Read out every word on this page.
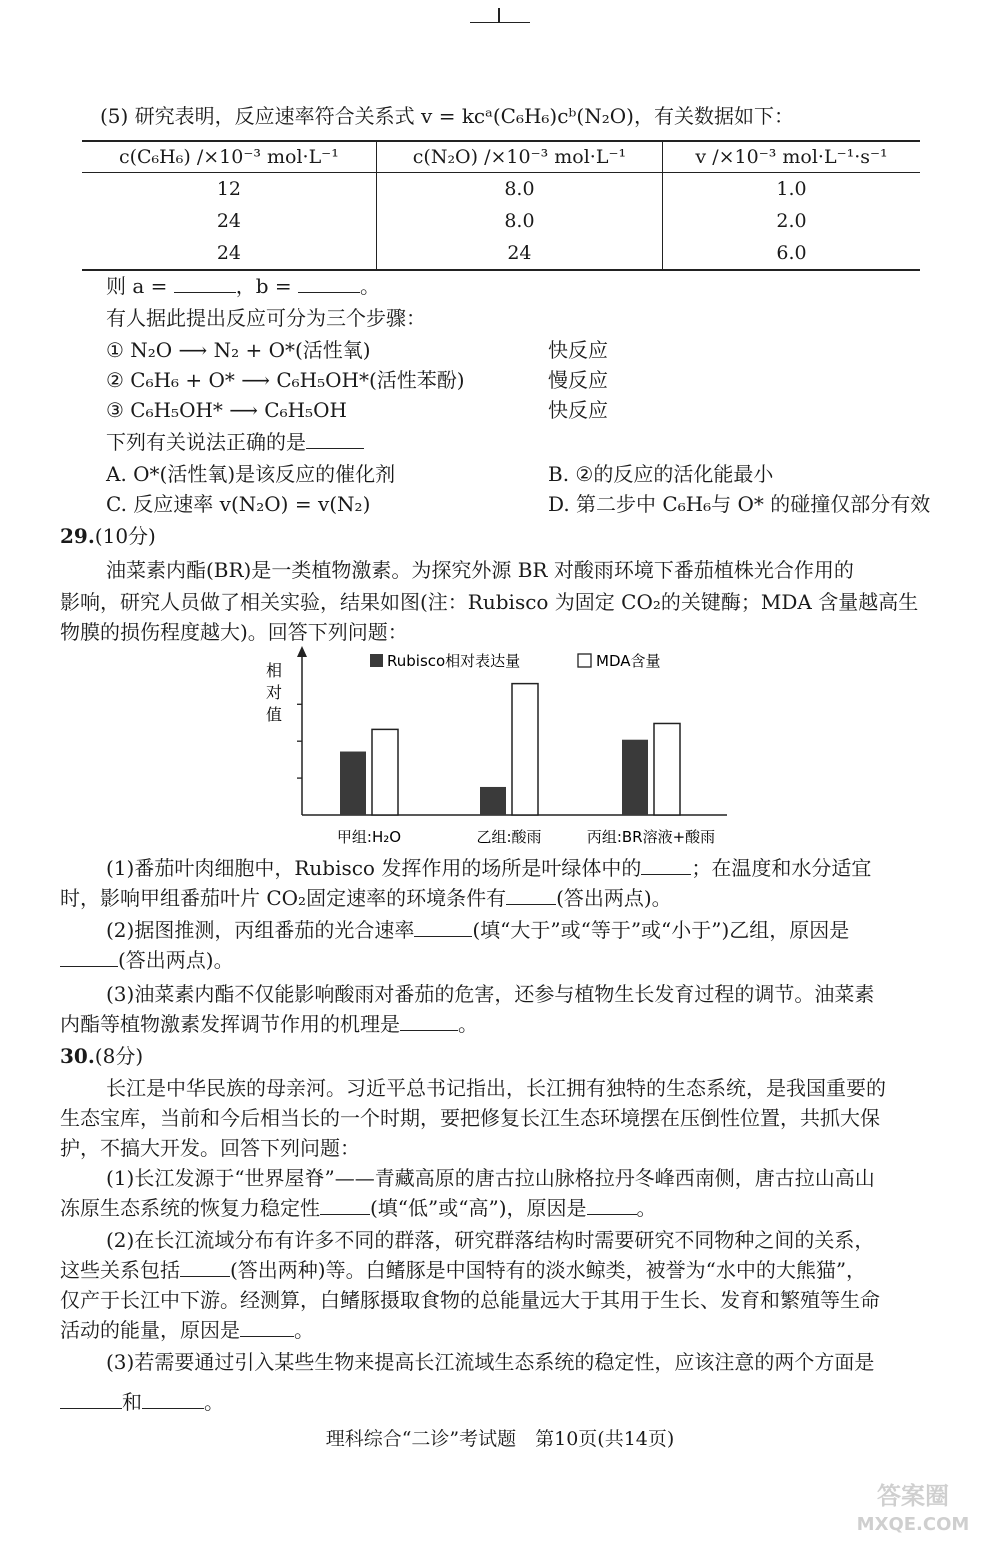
(5) 研究表明，反应速率符合关系式 v = kcᵃ(C₆H₆)cᵇ(N₂O)，有关数据如下：
c(C₆H₆) /×10⁻³ mol·L⁻¹	c(N₂O) /×10⁻³ mol·L⁻¹	v /×10⁻³ mol·L⁻¹·s⁻¹
12	8.0	1.0
24	8.0	2.0
24	24	6.0
则 a =	，b =	。
有人据此提出反应可分为三个步骤：
① N₂O ⟶ N₂ + O*(活性氧)	快反应
② C₆H₆ + O* ⟶ C₆H₅OH*(活性苯酚)	慢反应
③ C₆H₅OH* ⟶ C₆H₅OH	快反应
下列有关说法正确的是
A. O*(活性氧)是该反应的催化剂	B. ②的反应的活化能最小
C. 反应速率 v(N₂O) = v(N₂)	D. 第二步中 C₆H₆与 O* 的碰撞仅部分有效
29.(10分)
油菜素内酯(BR)是一类植物激素。为探究外源 BR 对酸雨环境下番茄植株光合作用的
影响，研究人员做了相关实验，结果如图(注：Rubisco 为固定 CO₂的关键酶；MDA 含量越高生
物膜的损伤程度越大)。回答下列问题：
相
对
值
Rubisco相对表达量	MDA含量
甲组:H₂O	乙组:酸雨	丙组:BR溶液+酸雨
(1)番茄叶肉细胞中，Rubisco 发挥作用的场所是叶绿体中的	；在温度和水分适宜
时，影响甲组番茄叶片 CO₂固定速率的环境条件有	(答出两点)。
(2)据图推测，丙组番茄的光合速率	(填“大于”或“等于”或“小于”)乙组，原因是
(答出两点)。
(3)油菜素内酯不仅能影响酸雨对番茄的危害，还参与植物生长发育过程的调节。油菜素
内酯等植物激素发挥调节作用的机理是	。
30.(8分)
长江是中华民族的母亲河。习近平总书记指出，长江拥有独特的生态系统，是我国重要的
生态宝库，当前和今后相当长的一个时期，要把修复长江生态环境摆在压倒性位置，共抓大保
护，不搞大开发。回答下列问题：
(1)长江发源于“世界屋脊”——青藏高原的唐古拉山脉格拉丹冬峰西南侧，唐古拉山高山
冻原生态系统的恢复力稳定性	(填“低”或“高”)，原因是	。
(2)在长江流域分布有许多不同的群落，研究群落结构时需要研究不同物种之间的关系，
这些关系包括	(答出两种)等。白鳍豚是中国特有的淡水鲸类，被誉为“水中的大熊猫”，
仅产于长江中下游。经测算，白鳍豚摄取食物的总能量远大于其用于生长、发育和繁殖等生命
活动的能量，原因是	。
(3)若需要通过引入某些生物来提高长江流域生态系统的稳定性，应该注意的两个方面是
和	。
理科综合“二诊”考试题　第10页(共14页)
答案圈
MXQE.COM
